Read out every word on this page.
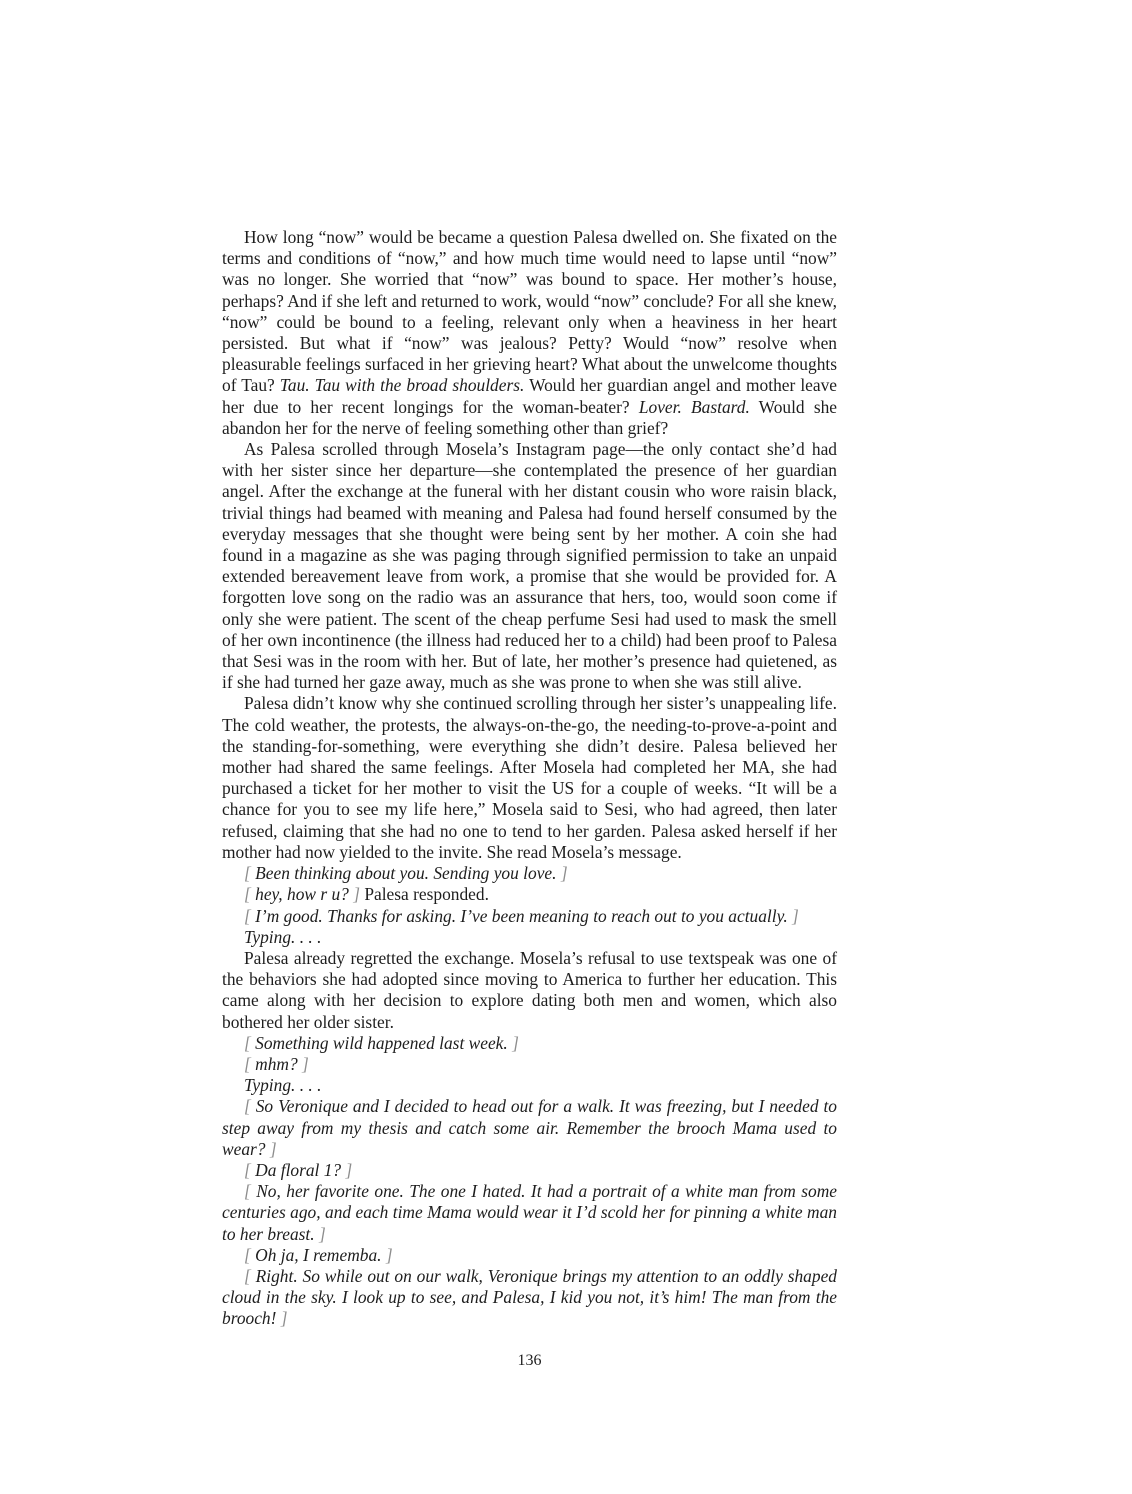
How long “now” would be became a question Palesa dwelled on. She fixated on the terms and conditions of “now,” and how much time would need to lapse until “now” was no longer. She worried that “now” was bound to space. Her mother’s house, perhaps? And if she left and returned to work, would “now” conclude? For all she knew, “now” could be bound to a feeling, relevant only when a heaviness in her heart persisted. But what if “now” was jealous? Petty? Would “now” resolve when pleasurable feelings surfaced in her grieving heart? What about the unwelcome thoughts of Tau? Tau. Tau with the broad shoulders. Would her guardian angel and mother leave her due to her recent longings for the woman-beater? Lover. Bastard. Would she abandon her for the nerve of feeling something other than grief?

As Palesa scrolled through Mosela’s Instagram page—the only contact she’d had with her sister since her departure—she contemplated the presence of her guardian angel. After the exchange at the funeral with her distant cousin who wore raisin black, trivial things had beamed with meaning and Palesa had found herself consumed by the everyday messages that she thought were being sent by her mother. A coin she had found in a magazine as she was paging through signified permission to take an unpaid extended bereavement leave from work, a promise that she would be provided for. A forgotten love song on the radio was an assurance that hers, too, would soon come if only she were patient. The scent of the cheap perfume Sesi had used to mask the smell of her own incontinence (the illness had reduced her to a child) had been proof to Palesa that Sesi was in the room with her. But of late, her mother’s presence had quietened, as if she had turned her gaze away, much as she was prone to when she was still alive.

Palesa didn’t know why she continued scrolling through her sister’s unappealing life. The cold weather, the protests, the always-on-the-go, the needing-to-prove-a-point and the standing-for-something, were everything she didn’t desire. Palesa believed her mother had shared the same feelings. After Mosela had completed her MA, she had purchased a ticket for her mother to visit the US for a couple of weeks. “It will be a chance for you to see my life here,” Mosela said to Sesi, who had agreed, then later refused, claiming that she had no one to tend to her garden. Palesa asked herself if her mother had now yielded to the invite. She read Mosela’s message.

[ Been thinking about you. Sending you love. ]

[ hey, how r u? ] Palesa responded.

[ I’m good. Thanks for asking. I’ve been meaning to reach out to you actually. ]

Typing. . . .

Palesa already regretted the exchange. Mosela’s refusal to use textspeak was one of the behaviors she had adopted since moving to America to further her education. This came along with her decision to explore dating both men and women, which also bothered her older sister.

[ Something wild happened last week. ]

[ mhm? ]

Typing. . . .

[ So Veronique and I decided to head out for a walk. It was freezing, but I needed to step away from my thesis and catch some air. Remember the brooch Mama used to wear? ]

[ Da floral 1? ]

[ No, her favorite one. The one I hated. It had a portrait of a white man from some centuries ago, and each time Mama would wear it I’d scold her for pinning a white man to her breast. ]

[ Oh ja, I rememba. ]

[ Right. So while out on our walk, Veronique brings my attention to an oddly shaped cloud in the sky. I look up to see, and Palesa, I kid you not, it’s him! The man from the brooch! ]

136
